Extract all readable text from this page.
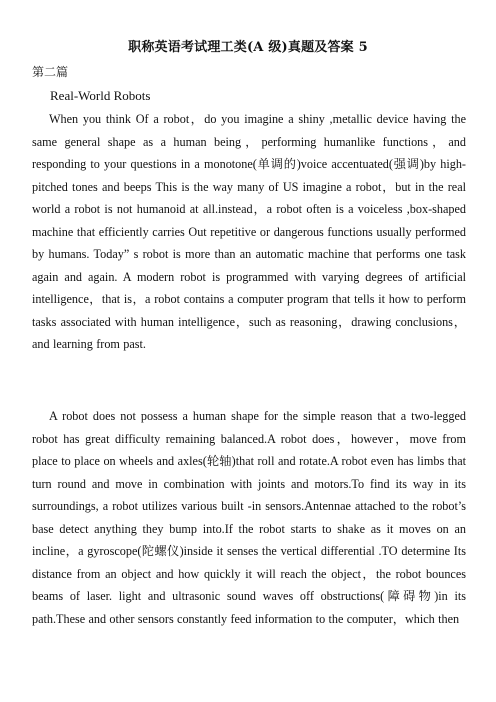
职称英语考试理工类(A 级)真题及答案 5
第二篇
Real-World Robots

When you think Of a robot，do you imagine a shiny ,metallic device having the same general shape as a human being，performing humanlike functions，and responding to your questions in a monotone(单调的)voice accentuated(强调)by high-pitched tones and beeps This is the way many of US imagine a robot，but in the real world a robot is not humanoid at all.instead，a robot often is a voiceless ,box-shaped machine that efficiently carries Out repetitive or dangerous functions usually performed by humans. Today” s robot is more than an automatic machine that performs one task again and again. A modern robot is programmed with varying degrees of artificial intelligence，that is，a robot contains a computer program that tells it how to perform tasks associated with human intelligence，such as reasoning，drawing conclusions，and learning from past.

A robot does not possess a human shape for the simple reason that a two-legged robot has great difficulty remaining balanced.A robot does，however，move from place to place on wheels and axles(轮轴)that roll and rotate.A robot even has limbs that turn round and move in combination with joints and motors.To find its way in its surroundings, a robot utilizes various built -in sensors.Antennae attached to the robot’s base detect anything they bump into.If the robot starts to shake as it moves on an incline，a gyroscope(陀螺仪)inside it senses the vertical differential .TO determine Its distance from an object and how quickly it will reach the object，the robot bounces beams of laser. light and ultrasonic sound waves off obstructions(障碍物)in its path.These and other sensors constantly feed information to the computer，which then
